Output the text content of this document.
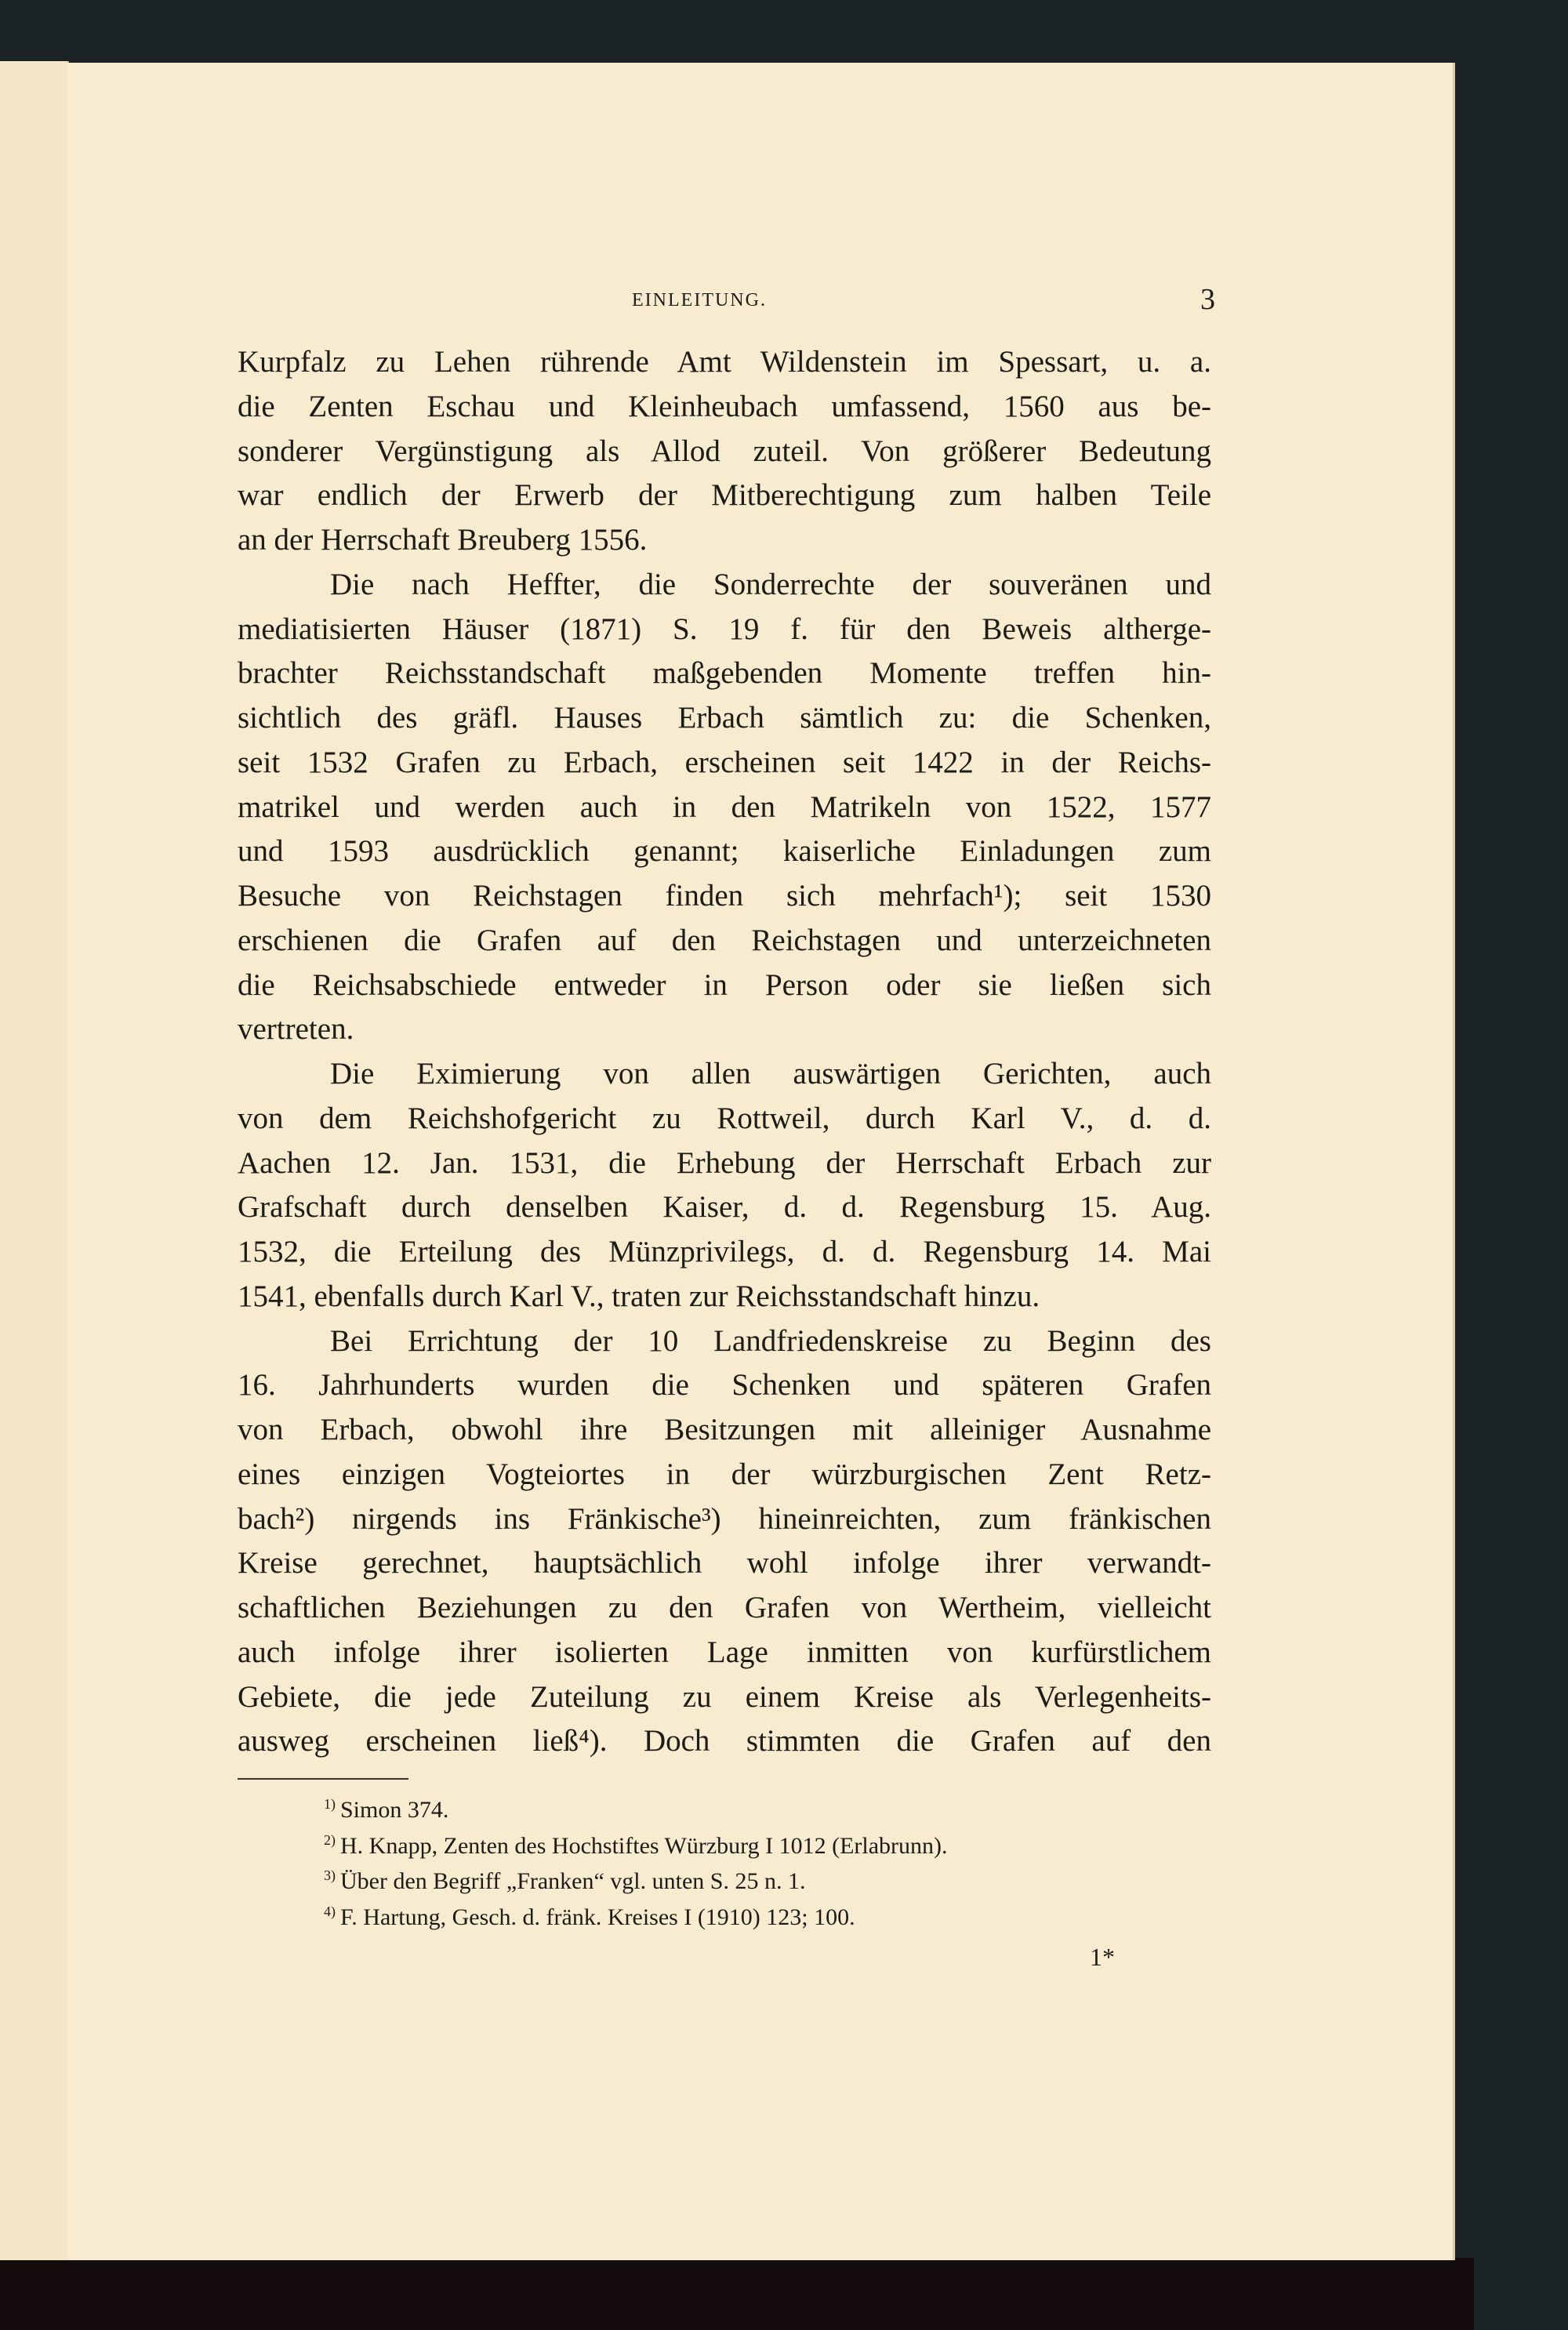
EINLEITUNG.	3
Kurpfalz zu Lehen rührende Amt Wildenstein im Spessart, u. a.
die Zenten Eschau und Kleinheubach umfassend, 1560 aus be-
sonderer Vergünstigung als Allod zuteil. Von größerer Bedeutung
war endlich der Erwerb der Mitberechtigung zum halben Teile
an der Herrschaft Breuberg 1556.
Die nach Heffter, die Sonderrechte der souveränen und
mediatisierten Häuser (1871) S. 19 f. für den Beweis altherge-
brachter Reichsstandschaft maßgebenden Momente treffen hin-
sichtlich des gräfl. Hauses Erbach sämtlich zu: die Schenken,
seit 1532 Grafen zu Erbach, erscheinen seit 1422 in der Reichs-
matrikel und werden auch in den Matrikeln von 1522, 1577
und 1593 ausdrücklich genannt; kaiserliche Einladungen zum
Besuche von Reichstagen finden sich mehrfach¹); seit 1530
erschienen die Grafen auf den Reichstagen und unterzeichneten
die Reichsabschiede entweder in Person oder sie ließen sich
vertreten.
Die Eximierung von allen auswärtigen Gerichten, auch
von dem Reichshofgericht zu Rottweil, durch Karl V., d. d.
Aachen 12. Jan. 1531, die Erhebung der Herrschaft Erbach zur
Grafschaft durch denselben Kaiser, d. d. Regensburg 15. Aug.
1532, die Erteilung des Münzprivilegs, d. d. Regensburg 14. Mai
1541, ebenfalls durch Karl V., traten zur Reichsstandschaft hinzu.
Bei Errichtung der 10 Landfriedenskreise zu Beginn des
16. Jahrhunderts wurden die Schenken und späteren Grafen
von Erbach, obwohl ihre Besitzungen mit alleiniger Ausnahme
eines einzigen Vogteiortes in der würzburgischen Zent Retz-
bach²) nirgends ins Fränkische³) hineinreichten, zum fränkischen
Kreise gerechnet, hauptsächlich wohl infolge ihrer verwandt-
schaftlichen Beziehungen zu den Grafen von Wertheim, vielleicht
auch infolge ihrer isolierten Lage inmitten von kurfürstlichem
Gebiete, die jede Zuteilung zu einem Kreise als Verlegenheits-
ausweg erscheinen ließ⁴). Doch stimmten die Grafen auf den
$^{1)}$ Simon 374.
$^{2)}$ H. Knapp, Zenten des Hochstiftes Würzburg I 1012 (Erlabrunn).
$^{3)}$ Über den Begriff „Franken“ vgl. unten S. 25 n. 1.
$^{4)}$ F. Hartung, Gesch. d. fränk. Kreises I (1910) 123; 100.
1*
